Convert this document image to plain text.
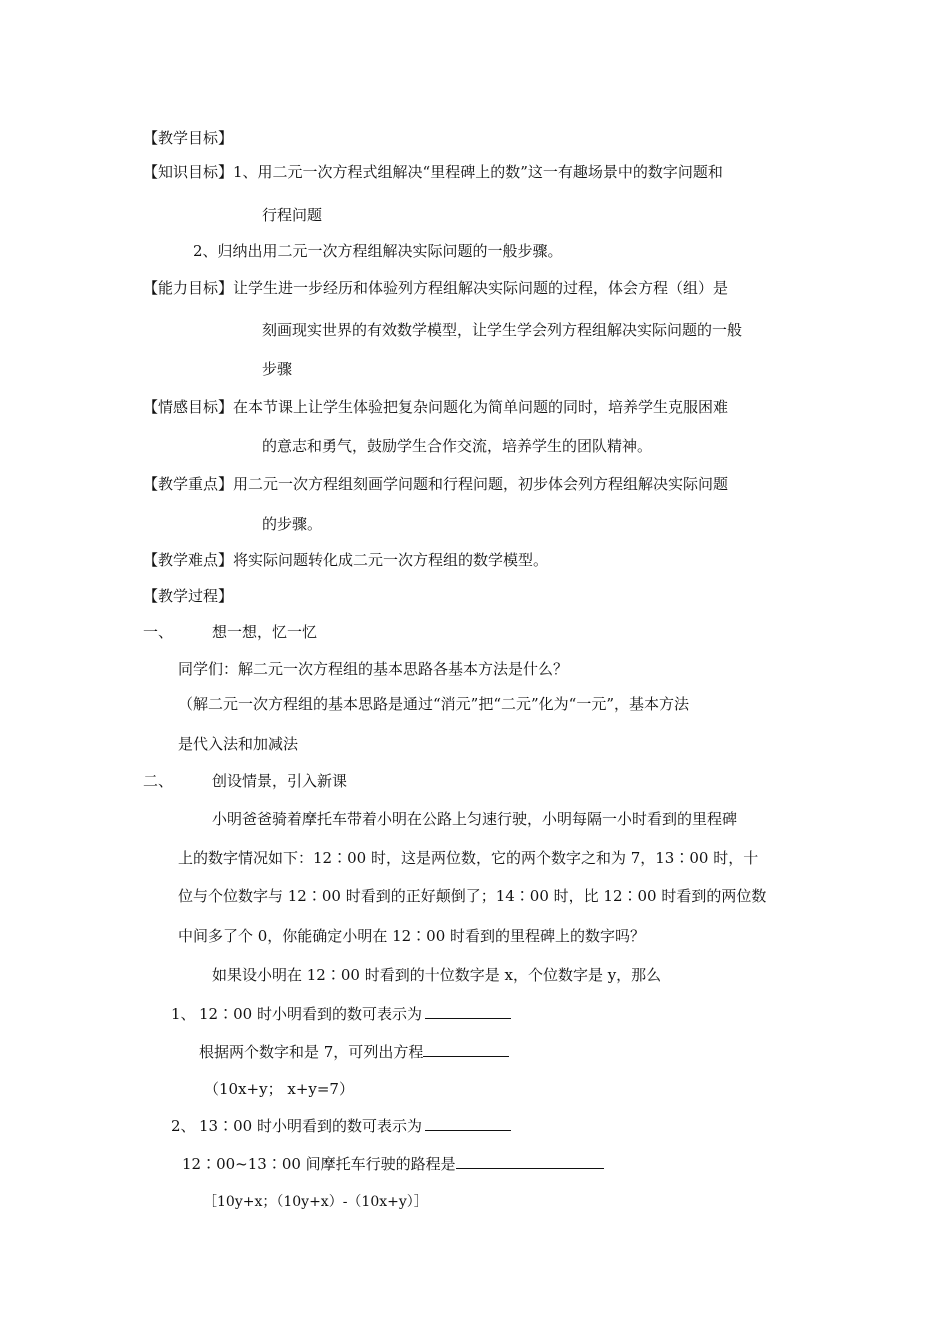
【教学目标】
【知识目标】1、用二元一次方程式组解决“里程碑上的数”这一有趣场景中的数字问题和
行程问题
2、归纳出用二元一次方程组解决实际问题的一般步骤。
【能力目标】让学生进一步经历和体验列方程组解决实际问题的过程，体会方程（组）是
刻画现实世界的有效数学模型，让学生学会列方程组解决实际问题的一般
步骤
【情感目标】在本节课上让学生体验把复杂问题化为简单问题的同时，培养学生克服困难
的意志和勇气，鼓励学生合作交流，培养学生的团队精神。
【教学重点】用二元一次方程组刻画学问题和行程问题，初步体会列方程组解决实际问题
的步骤。
【教学难点】将实际问题转化成二元一次方程组的数学模型。
【教学过程】
一、	想一想，忆一忆
同学们：解二元一次方程组的基本思路各基本方法是什么？
（解二元一次方程组的基本思路是通过“消元”把“二元”化为“一元”，基本方法
是代入法和加减法
二、	创设情景，引入新课
小明爸爸骑着摩托车带着小明在公路上匀速行驶，小明每隔一小时看到的里程碑
上的数字情况如下：12∶00 时，这是两位数，它的两个数字之和为 7，13∶00 时，十
位与个位数字与 12∶00 时看到的正好颠倒了；14∶00 时，比 12∶00 时看到的两位数
中间多了个 0，你能确定小明在 12∶00 时看到的里程碑上的数字吗？
如果设小明在 12∶00 时看到的十位数字是 x，个位数字是 y，那么
1、 12∶00 时小明看到的数可表示为
根据两个数字和是 7，可列出方程
（10x+y； x+y=7）
2、 13∶00 时小明看到的数可表示为
12∶00~13∶00 间摩托车行驶的路程是
［10y+x；（10y+x）-（10x+y）］
